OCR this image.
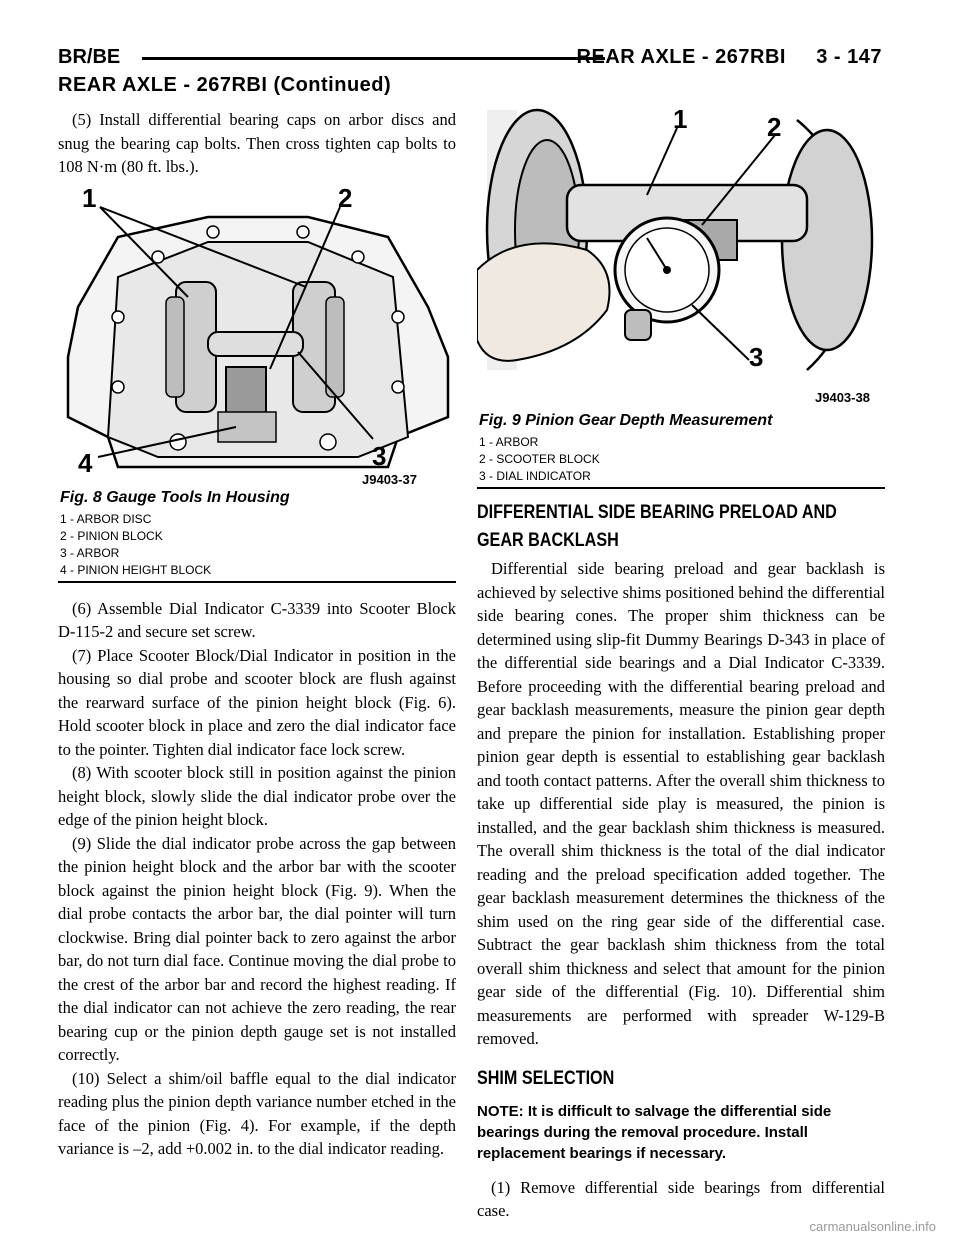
BR/BE	REAR AXLE - 267RBI     3 - 147
REAR AXLE - 267RBI (Continued)

(5) Install differential bearing caps on arbor discs and snug the bearing cap bolts. Then cross tighten cap bolts to 108 N·m (80 ft. lbs.).

1	2
3
4
J9403-37
Fig. 8 Gauge Tools In Housing
1 - ARBOR DISC
2 - PINION BLOCK
3 - ARBOR
4 - PINION HEIGHT BLOCK

(6) Assemble Dial Indicator C-3339 into Scooter Block D-115-2 and secure set screw.

(7) Place Scooter Block/Dial Indicator in position in the housing so dial probe and scooter block are flush against the rearward surface of the pinion height block (Fig. 6). Hold scooter block in place and zero the dial indicator face to the pointer. Tighten dial indicator face lock screw.

(8) With scooter block still in position against the pinion height block, slowly slide the dial indicator probe over the edge of the pinion height block.

(9) Slide the dial indicator probe across the gap between the pinion height block and the arbor bar with the scooter block against the pinion height block (Fig. 9). When the dial probe contacts the arbor bar, the dial pointer will turn clockwise. Bring dial pointer back to zero against the arbor bar, do not turn dial face. Continue moving the dial probe to the crest of the arbor bar and record the highest reading. If the dial indicator can not achieve the zero reading, the rear bearing cup or the pinion depth gauge set is not installed correctly.

(10) Select a shim/oil baffle equal to the dial indicator reading plus the pinion depth variance number etched in the face of the pinion (Fig. 4). For example, if the depth variance is –2, add +0.002 in. to the dial indicator reading.

1	2
3
J9403-38
Fig. 9 Pinion Gear Depth Measurement
1 - ARBOR
2 - SCOOTER BLOCK
3 - DIAL INDICATOR
DIFFERENTIAL SIDE BEARING PRELOAD AND GEAR BACKLASH

Differential side bearing preload and gear backlash is achieved by selective shims positioned behind the differential side bearing cones. The proper shim thickness can be determined using slip-fit Dummy Bearings D-343 in place of the differential side bearings and a Dial Indicator C-3339. Before proceeding with the differential bearing preload and gear backlash measurements, measure the pinion gear depth and prepare the pinion for installation. Establishing proper pinion gear depth is essential to establishing gear backlash and tooth contact patterns. After the overall shim thickness to take up differential side play is measured, the pinion is installed, and the gear backlash shim thickness is measured. The overall shim thickness is the total of the dial indicator reading and the preload specification added together. The gear backlash measurement determines the thickness of the shim used on the ring gear side of the differential case. Subtract the gear backlash shim thickness from the total overall shim thickness and select that amount for the pinion gear side of the differential (Fig. 10). Differential shim measurements are performed with spreader W-129-B removed.

SHIM SELECTION

NOTE: It is difficult to salvage the differential side bearings during the removal procedure. Install replacement bearings if necessary.

(1) Remove differential side bearings from differential case.

carmanualsonline.info
